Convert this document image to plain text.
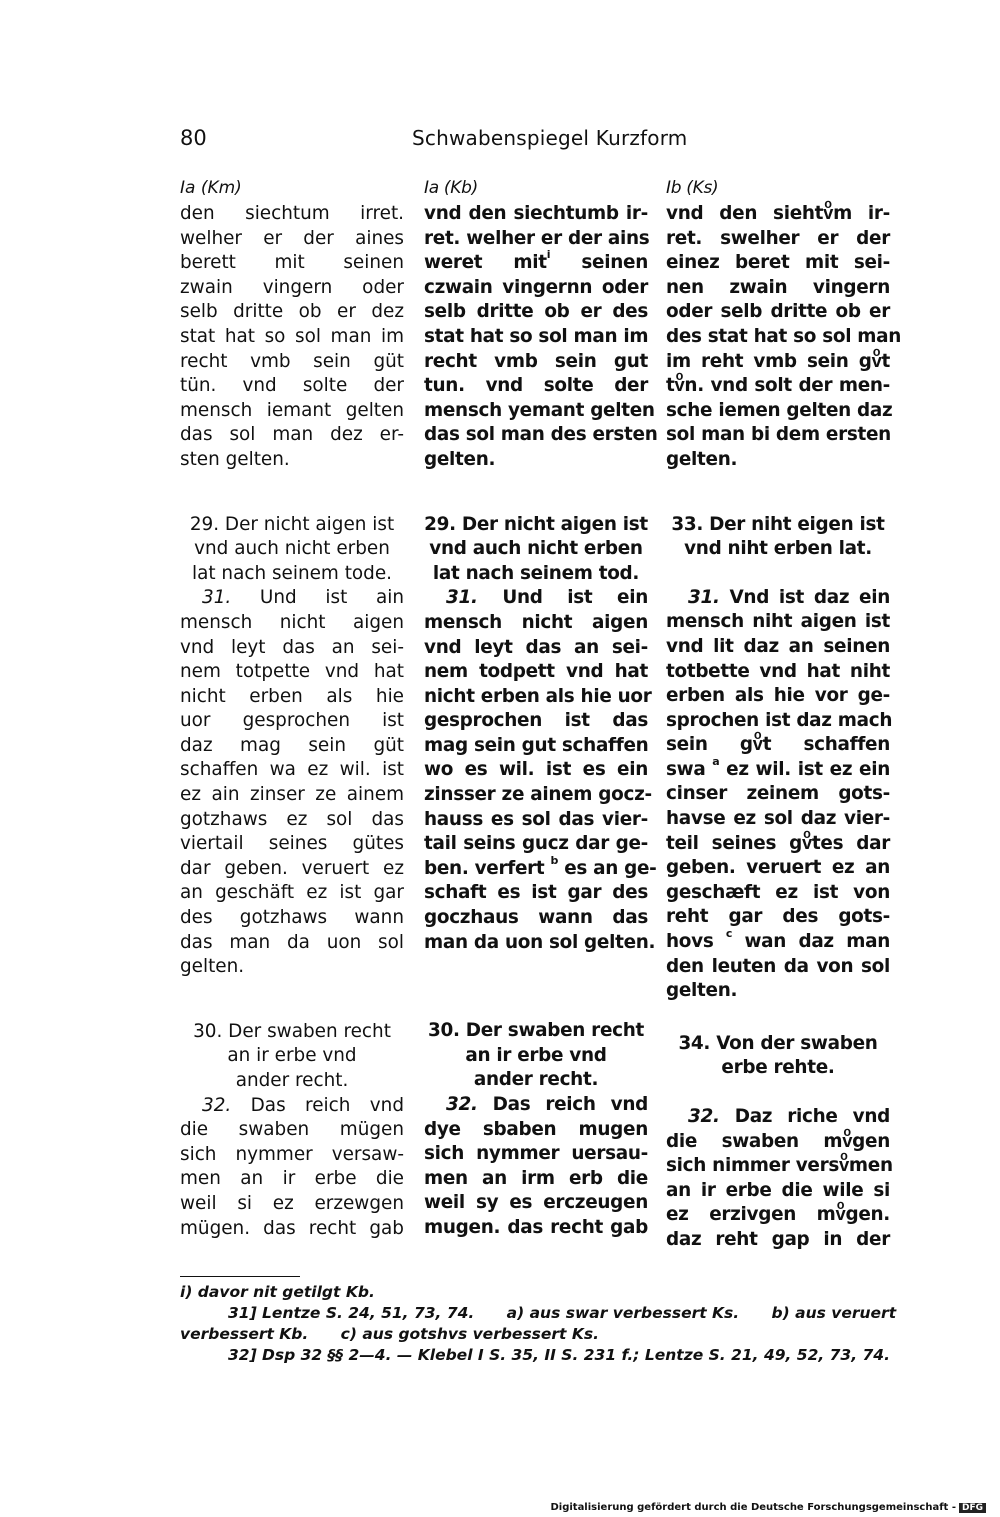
80	Schwabenspiegel Kurzform
Ia (Km)
den siechtum irret.
welher er der aines
berett mit seinen
zwain vingern oder
selb dritte ob er dez
stat hat so sol man im
recht vmb sein güt
tün. vnd solte der
mensch iemant gelten
das sol man dez er-
sten gelten.
29. Der nicht aigen ist
vnd auch nicht erben
lat nach seinem tode.
31. Und ist ain
mensch nicht aigen
vnd leyt das an sei-
nem totpette vnd hat
nicht erben als hie
uor gesprochen ist
daz mag sein güt
schaffen wa ez wil. ist
ez ain zinser ze ainem
gotzhaws ez sol das
viertail seines gütes
dar geben. veruert ez
an geschäft ez ist gar
des gotzhaws wann
das man da uon sol
gelten.
30. Der swaben recht
an ir erbe vnd
ander recht.
32. Das reich vnd
die swaben mügen
sich nymmer versaw-
men an ir erbe die
weil si ez erzewgen
mügen. das recht gab
Ia (Kb)
vnd den siechtumb ir-
ret. welher er der ains
weret mit$^i$ seinen
czwain vingernn oder
selb dritte ob er des
stat hat so sol man im
recht vmb sein gut
tun. vnd solte der
mensch yemant gelten
das sol man des ersten
gelten.
29. Der nicht aigen ist
vnd auch nicht erben
lat nach seinem tod.
31. Und ist ein
mensch nicht aigen
vnd leyt das an sei-
nem todpett vnd hat
nicht erben als hie uor
gesprochen ist das
mag sein gut schaffen
wo es wil. ist es ein
zinsser ze ainem gocz-
hauss es sol das vier-
tail seins gucz dar ge-
ben. verfert $^b$ es an ge-
schaft es ist gar des
goczhaus wann das
man da uon sol gelten.
30. Der swaben recht
an ir erbe vnd
ander recht.
32. Das reich vnd
dye sbaben mugen
sich nymmer uersau-
men an irm erb die
weil sy es erczeugen
mugen. das recht gab
Ib (Ks)
vnd den siehtvͦm ir-
ret. swelher er der
einez beret mit sei-
nen zwain vingern
oder selb dritte ob er
des stat hat so sol man
im reht vmb sein gvͦt
tvͦn. vnd solt der men-
sche iemen gelten daz
sol man bi dem ersten
gelten.
33. Der niht eigen ist
vnd niht erben lat.
31. Vnd ist daz ein
mensch niht aigen ist
vnd lit daz an seinen
totbette vnd hat niht
erben als hie vor ge-
sprochen ist daz mach
sein gvͦt schaffen
swa $^a$ ez wil. ist ez ein
cinser zeinem gots-
havse ez sol daz vier-
teil seines gvͦtes dar
geben. veruert ez an
geschæft ez ist von
reht gar des gots-
hovs $^c$ wan daz man
den leuten da von sol
gelten.
34. Von der swaben
erbe rehte.
32. Daz riche vnd
die swaben mvͦgen
sich nimmer versvͦmen
an ir erbe die wile si
ez erzivgen mvͦgen.
daz reht gap in der
i) davor nit getilgt Kb.
31] Lentze S. 24, 51, 73, 74.      a) aus swar verbessert Ks.      b) aus veruert
verbessert Kb.      c) aus gotshvs verbessert Ks.
32] Dsp 32 §§ 2—4. — Klebel I S. 35, II S. 231 f.; Lentze S. 21, 49, 52, 73, 74.
Digitalisierung gefördert durch die Deutsche Forschungsgemeinschaft - DFG
